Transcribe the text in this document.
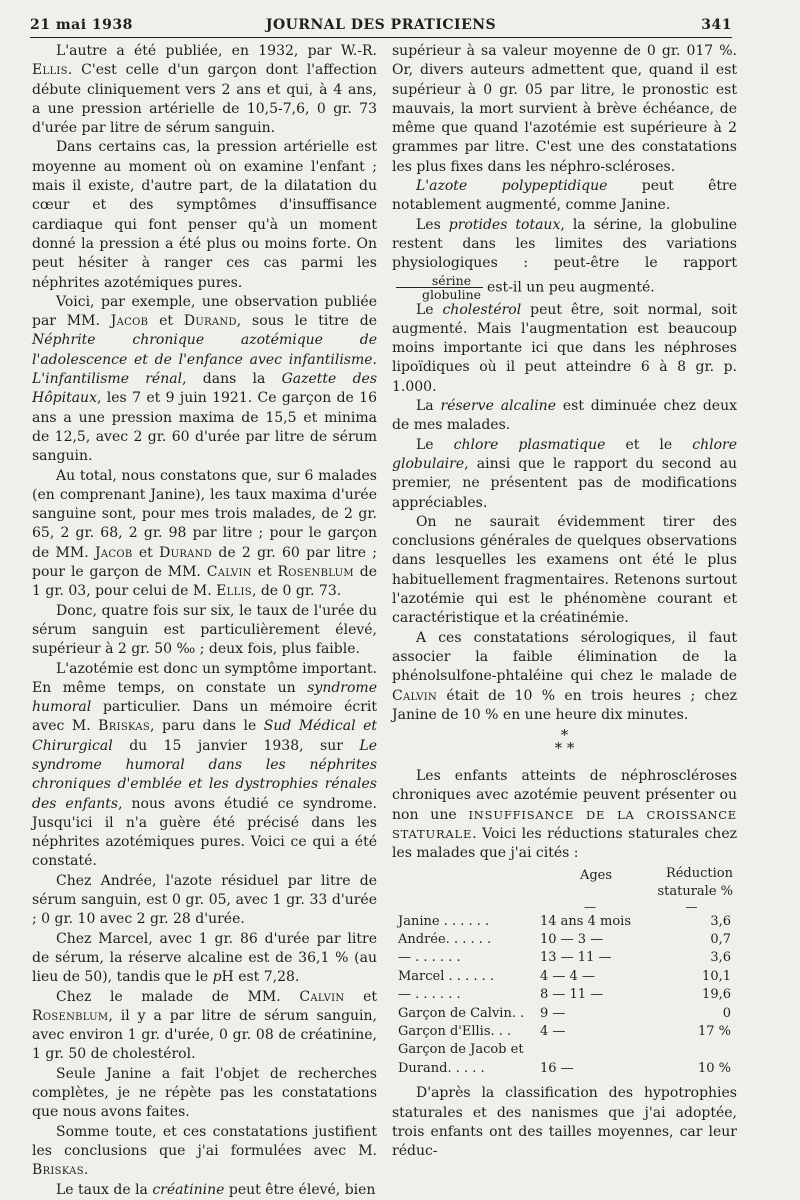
21 mai 1938	JOURNAL DES PRATICIENS	341

L'autre a été publiée, en 1932, par W.-R. Ellis. C'est celle d'un garçon dont l'affection débute cliniquement vers 2 ans et qui, à 4 ans, a une pression artérielle de 10,5-7,6, 0 gr. 73 d'urée par litre de sérum sanguin.

Dans certains cas, la pression artérielle est moyenne au moment où on examine l'enfant ; mais il existe, d'autre part, de la dilatation du cœur et des symptômes d'insuffisance cardiaque qui font penser qu'à un moment donné la pression a été plus ou moins forte. On peut hésiter à ranger ces cas parmi les néphrites azotémiques pures.

Voici, par exemple, une observation publiée par MM. Jacob et Durand, sous le titre de Néphrite chronique azotémique de l'adolescence et de l'enfance avec infantilisme. L'infantilisme rénal, dans la Gazette des Hôpitaux, les 7 et 9 juin 1921. Ce garçon de 16 ans a une pression maxima de 15,5 et minima de 12,5, avec 2 gr. 60 d'urée par litre de sérum sanguin.

Au total, nous constatons que, sur 6 malades (en comprenant Janine), les taux maxima d'urée sanguine sont, pour mes trois malades, de 2 gr. 65, 2 gr. 68, 2 gr. 98 par litre ; pour le garçon de MM. Jacob et Durand de 2 gr. 60 par litre ; pour le garçon de MM. Calvin et Rosenblum de 1 gr. 03, pour celui de M. Ellis, de 0 gr. 73.

Donc, quatre fois sur six, le taux de l'urée du sérum sanguin est particulièrement élevé, supérieur à 2 gr. 50 ‰ ; deux fois, plus faible.

L'azotémie est donc un symptôme important. En même temps, on constate un syndrome humoral particulier. Dans un mémoire écrit avec M. Briskas, paru dans le Sud Médical et Chirurgical du 15 janvier 1938, sur Le syndrome humoral dans les néphrites chroniques d'emblée et les dystrophies rénales des enfants, nous avons étudié ce syndrome. Jusqu'ici il n'a guère été précisé dans les néphrites azotémiques pures. Voici ce qui a été constaté.

Chez Andrée, l'azote résiduel par litre de sérum sanguin, est 0 gr. 05, avec 1 gr. 33 d'urée ; 0 gr. 10 avec 2 gr. 28 d'urée.

Chez Marcel, avec 1 gr. 86 d'urée par litre de sérum, la réserve alcaline est de 36,1 % (au lieu de 50), tandis que le pH est 7,28.

Chez le malade de MM. Calvin et Rosenblum, il y a par litre de sérum sanguin, avec environ 1 gr. d'urée, 0 gr. 08 de créatinine, 1 gr. 50 de cholestérol.

Seule Janine a fait l'objet de recherches complètes, je ne répète pas les constatations que nous avons faites.

Somme toute, et ces constatations justifient les conclusions que j'ai formulées avec M. Briskas.

Le taux de la créatinine peut être élevé, bien

supérieur à sa valeur moyenne de 0 gr. 017 %. Or, divers auteurs admettent que, quand il est supérieur à 0 gr. 05 par litre, le pronostic est mauvais, la mort survient à brève échéance, de même que quand l'azotémie est supérieure à 2 grammes par litre. C'est une des constatations les plus fixes dans les néphro-scléroses.

L'azote polypeptidique peut être notablement augmenté, comme Janine.

Les protides totaux, la sérine, la globuline restent dans les limites des variations physiologiques : peut-être le rapport
$\frac{\text{sérine}}{\text{globuline}} est-il$ un peu augmenté.

Le cholestérol peut être, soit normal, soit augmenté. Mais l'augmentation est beaucoup moins importante ici que dans les néphroses lipoïdiques où il peut atteindre 6 à 8 gr. p. 1.000.

La réserve alcaline est diminuée chez deux de mes malades.

Le chlore plasmatique et le chlore globulaire, ainsi que le rapport du second au premier, ne présentent pas de modifications appréciables.

On ne saurait évidemment tirer des conclusions générales de quelques observations dans lesquelles les examens ont été le plus habituellement fragmentaires. Retenons surtout l'azotémie qui est le phénomène courant et caractéristique et la créatinémie.

A ces constatations sérologiques, il faut associer la faible élimination de la phénolsulfone-phtaléine qui chez le malade de Calvin était de 10 % en trois heures ; chez Janine de 10 % en une heure dix minutes.

*
* *

Les enfants atteints de néphroscléroses chroniques avec azotémie peuvent présenter ou non une INSUFFISANCE DE LA CROISSANCE STATURALE. Voici les réductions staturales chez les malades que j'ai cités :

	Ages	Réduction staturale %
	—	—
Janine . . . . . .	14 ans 4 mois	3,6
Andrée. . . . . .	10 — 3 —	0,7
— . . . . . .	13 — 11 —	3,6
Marcel . . . . . .	4 — 4 —	10,1
— . . . . . .	8 — 11 —	19,6
Garçon de Calvin. .	9 —	0
Garçon d'Ellis. . .	4 —	17 %
Garçon de Jacob et		
Durand. . . . .	16 —	10 %

D'après la classification des hypotrophies staturales et des nanismes que j'ai adoptée, trois enfants ont des tailles moyennes, car leur réduc-
